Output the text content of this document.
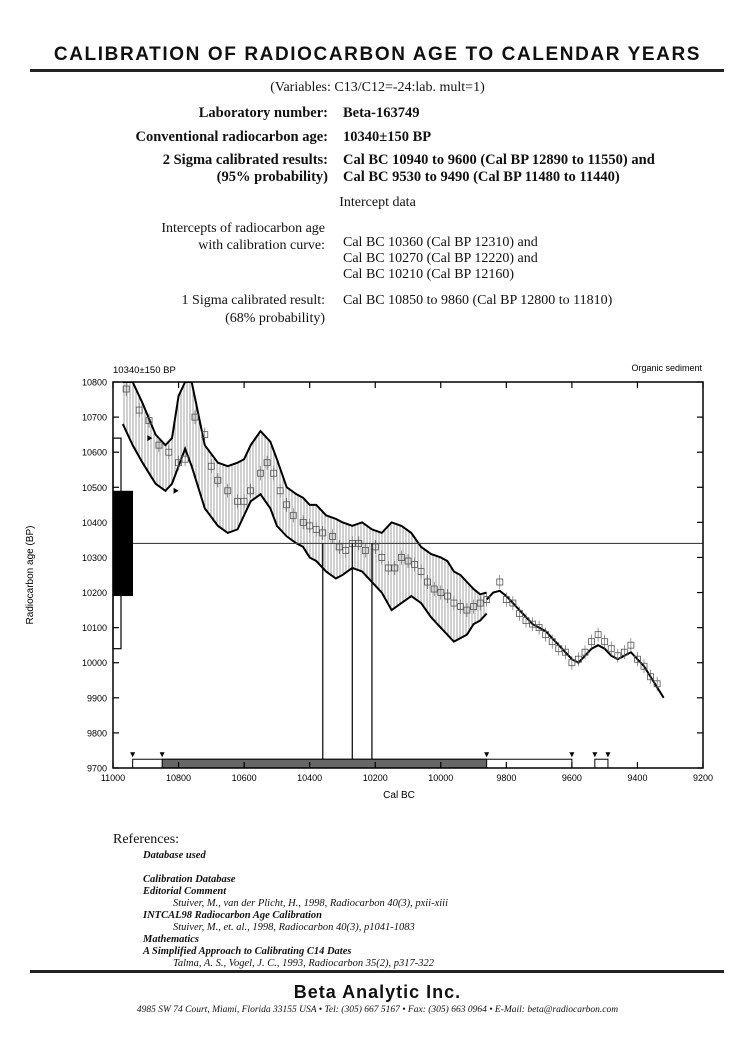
CALIBRATION OF RADIOCARBON AGE TO CALENDAR YEARS
(Variables: C13/C12=-24:lab. mult=1)
Laboratory number: Beta-163749
Conventional radiocarbon age: 10340±150 BP
2 Sigma calibrated results:
(95% probability)
Cal BC 10940 to 9600 (Cal BP 12890 to 11550) and
Cal BC 9530 to 9490 (Cal BP 11480 to 11440)
Intercept data
Intercepts of radiocarbon age
with calibration curve: Cal BC 10360 (Cal BP 12310) and
Cal BC 10270 (Cal BP 12220) and
Cal BC 10210 (Cal BP 12160)
1 Sigma calibrated result:
(68% probability)
Cal BC 10850 to 9860 (Cal BP 12800 to 11810)
10800
10700
10600
10500
10400
10300
10200
10100
10000
9900
9800
9700
11000	10800	10600	10400	10200	10000	9800	9600	9400	9200
10340±150 BP	Organic sediment
Cal BC
Radiocarbon age (BP)
References:
Database used
Calibration Database
Editorial Comment
Stuiver, M., van der Plicht, H., 1998, Radiocarbon 40(3), pxii-xiii
INTCAL98 Radiocarbon Age Calibration
Stuiver, M., et. al., 1998, Radiocarbon 40(3), p1041-1083
Mathematics
A Simplified Approach to Calibrating C14 Dates
Talma, A. S., Vogel, J. C., 1993, Radiocarbon 35(2), p317-322
Beta Analytic Inc.
4985 SW 74 Court, Miami, Florida 33155 USA • Tel: (305) 667 5167 • Fax: (305) 663 0964 • E-Mail: beta@radiocarbon.com
